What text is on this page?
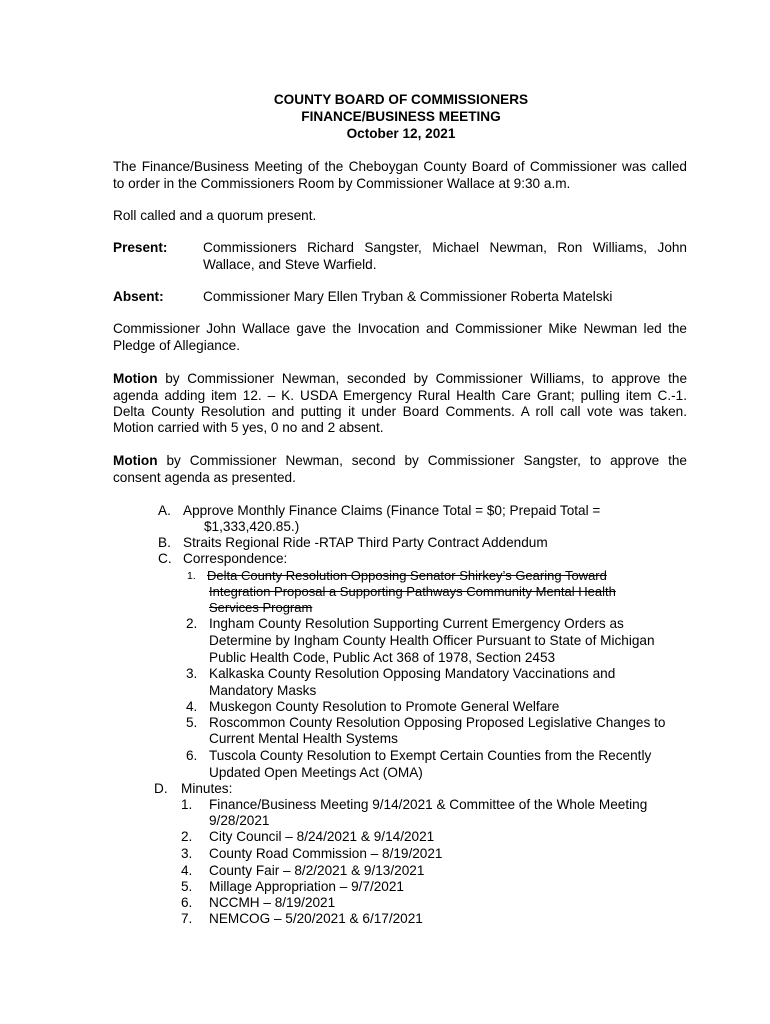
COUNTY BOARD OF COMMISSIONERS
FINANCE/BUSINESS MEETING
October 12, 2021
The Finance/Business Meeting of the Cheboygan County Board of Commissioner was called
to order in the Commissioners Room by Commissioner Wallace at 9:30 a.m.
Roll called and a quorum present.
Present:	Commissioners Richard Sangster, Michael Newman, Ron Williams, John
Wallace, and Steve Warfield.
Absent:	Commissioner Mary Ellen Tryban & Commissioner Roberta Matelski
Commissioner John Wallace gave the Invocation and Commissioner Mike Newman led the
Pledge of Allegiance.
Motion by Commissioner Newman, seconded by Commissioner Williams, to approve the
agenda adding item 12. – K. USDA Emergency Rural Health Care Grant; pulling item C.-1.
Delta County Resolution and putting it under Board Comments. A roll call vote was taken.
Motion carried with 5 yes, 0 no and 2 absent.
Motion by Commissioner Newman, second by Commissioner Sangster, to approve the
consent agenda as presented.
A. Approve Monthly Finance Claims (Finance Total = $0; Prepaid Total =
$1,333,420.85.)
B. Straits Regional Ride -RTAP Third Party Contract Addendum
C. Correspondence:
1. Delta County Resolution Opposing Senator Shirkey’s Gearing Toward
Integration Proposal a Supporting Pathways Community Mental Health
Services Program
2. Ingham County Resolution Supporting Current Emergency Orders as
Determine by Ingham County Health Officer Pursuant to State of Michigan
Public Health Code, Public Act 368 of 1978, Section 2453
3. Kalkaska County Resolution Opposing Mandatory Vaccinations and
Mandatory Masks
4. Muskegon County Resolution to Promote General Welfare
5. Roscommon County Resolution Opposing Proposed Legislative Changes to
Current Mental Health Systems
6. Tuscola County Resolution to Exempt Certain Counties from the Recently
Updated Open Meetings Act (OMA)
D. Minutes:
1. Finance/Business Meeting 9/14/2021 & Committee of the Whole Meeting
9/28/2021
2. City Council – 8/24/2021 & 9/14/2021
3. County Road Commission – 8/19/2021
4. County Fair – 8/2/2021 & 9/13/2021
5. Millage Appropriation – 9/7/2021
6. NCCMH – 8/19/2021
7. NEMCOG – 5/20/2021 & 6/17/2021
